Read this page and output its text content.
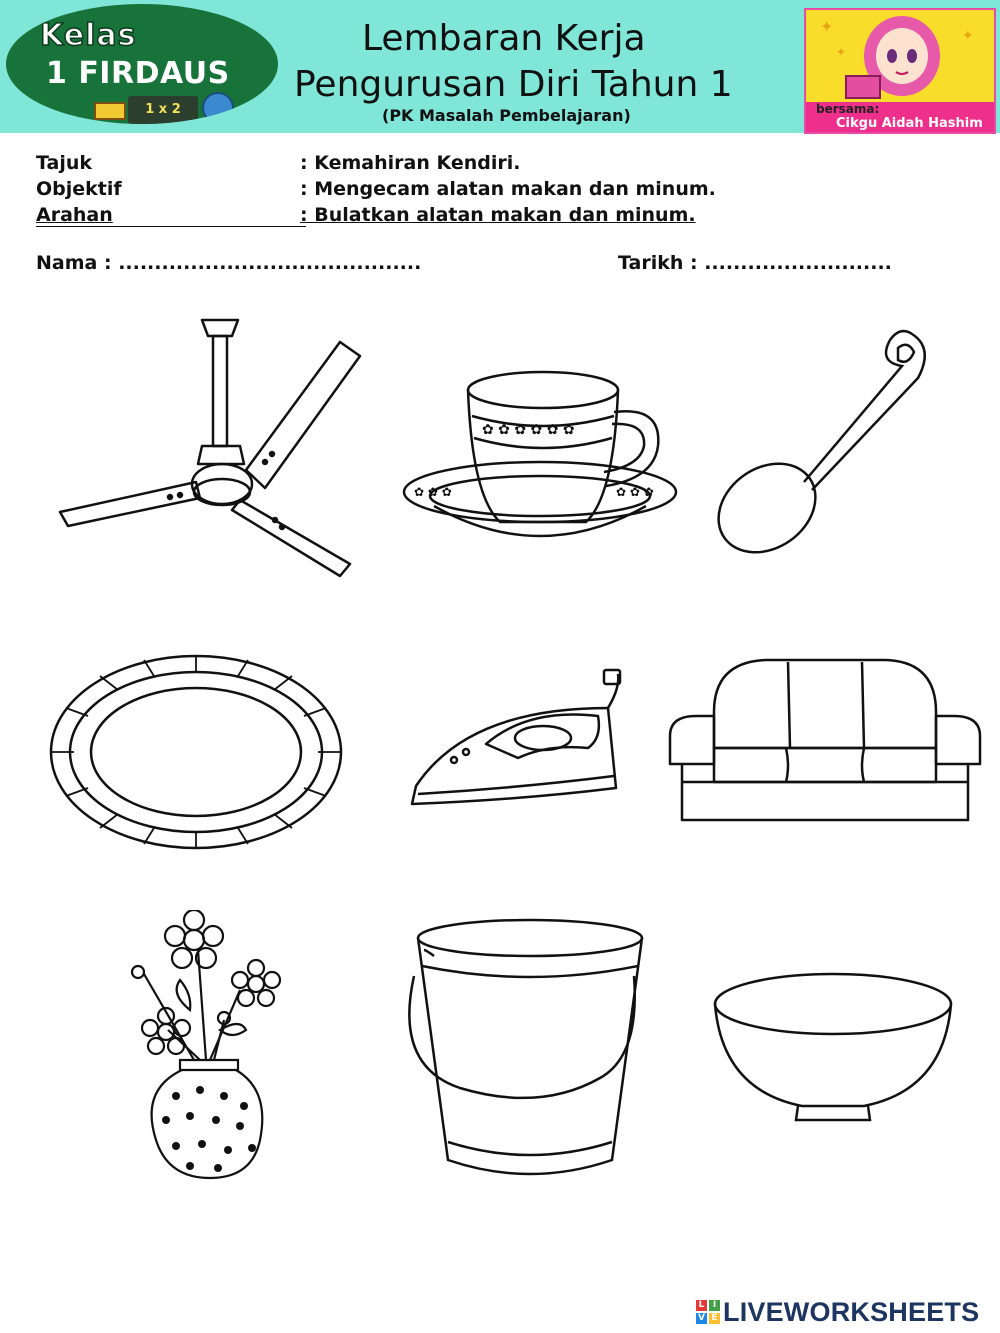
Kelas
1 FIRDAUS
1 x 2
Lembaran Kerja
Pengurusan Diri Tahun 1
(PK Masalah Pembelajaran)
✦
✦
✦
bersama:
Cikgu Aidah Hashim
Tajuk	: Kemahiran Kendiri.
Objektif	: Mengecam alatan makan dan minum.
Arahan	: Bulatkan alatan makan dan minum.
Nama : ..........................................	Tarikh : ..........................
✿ ✿ ✿ ✿ ✿ ✿
✿ ✿ ✿	✿ ✿ ✿
L I
V E LIVEWORKSHEETS
